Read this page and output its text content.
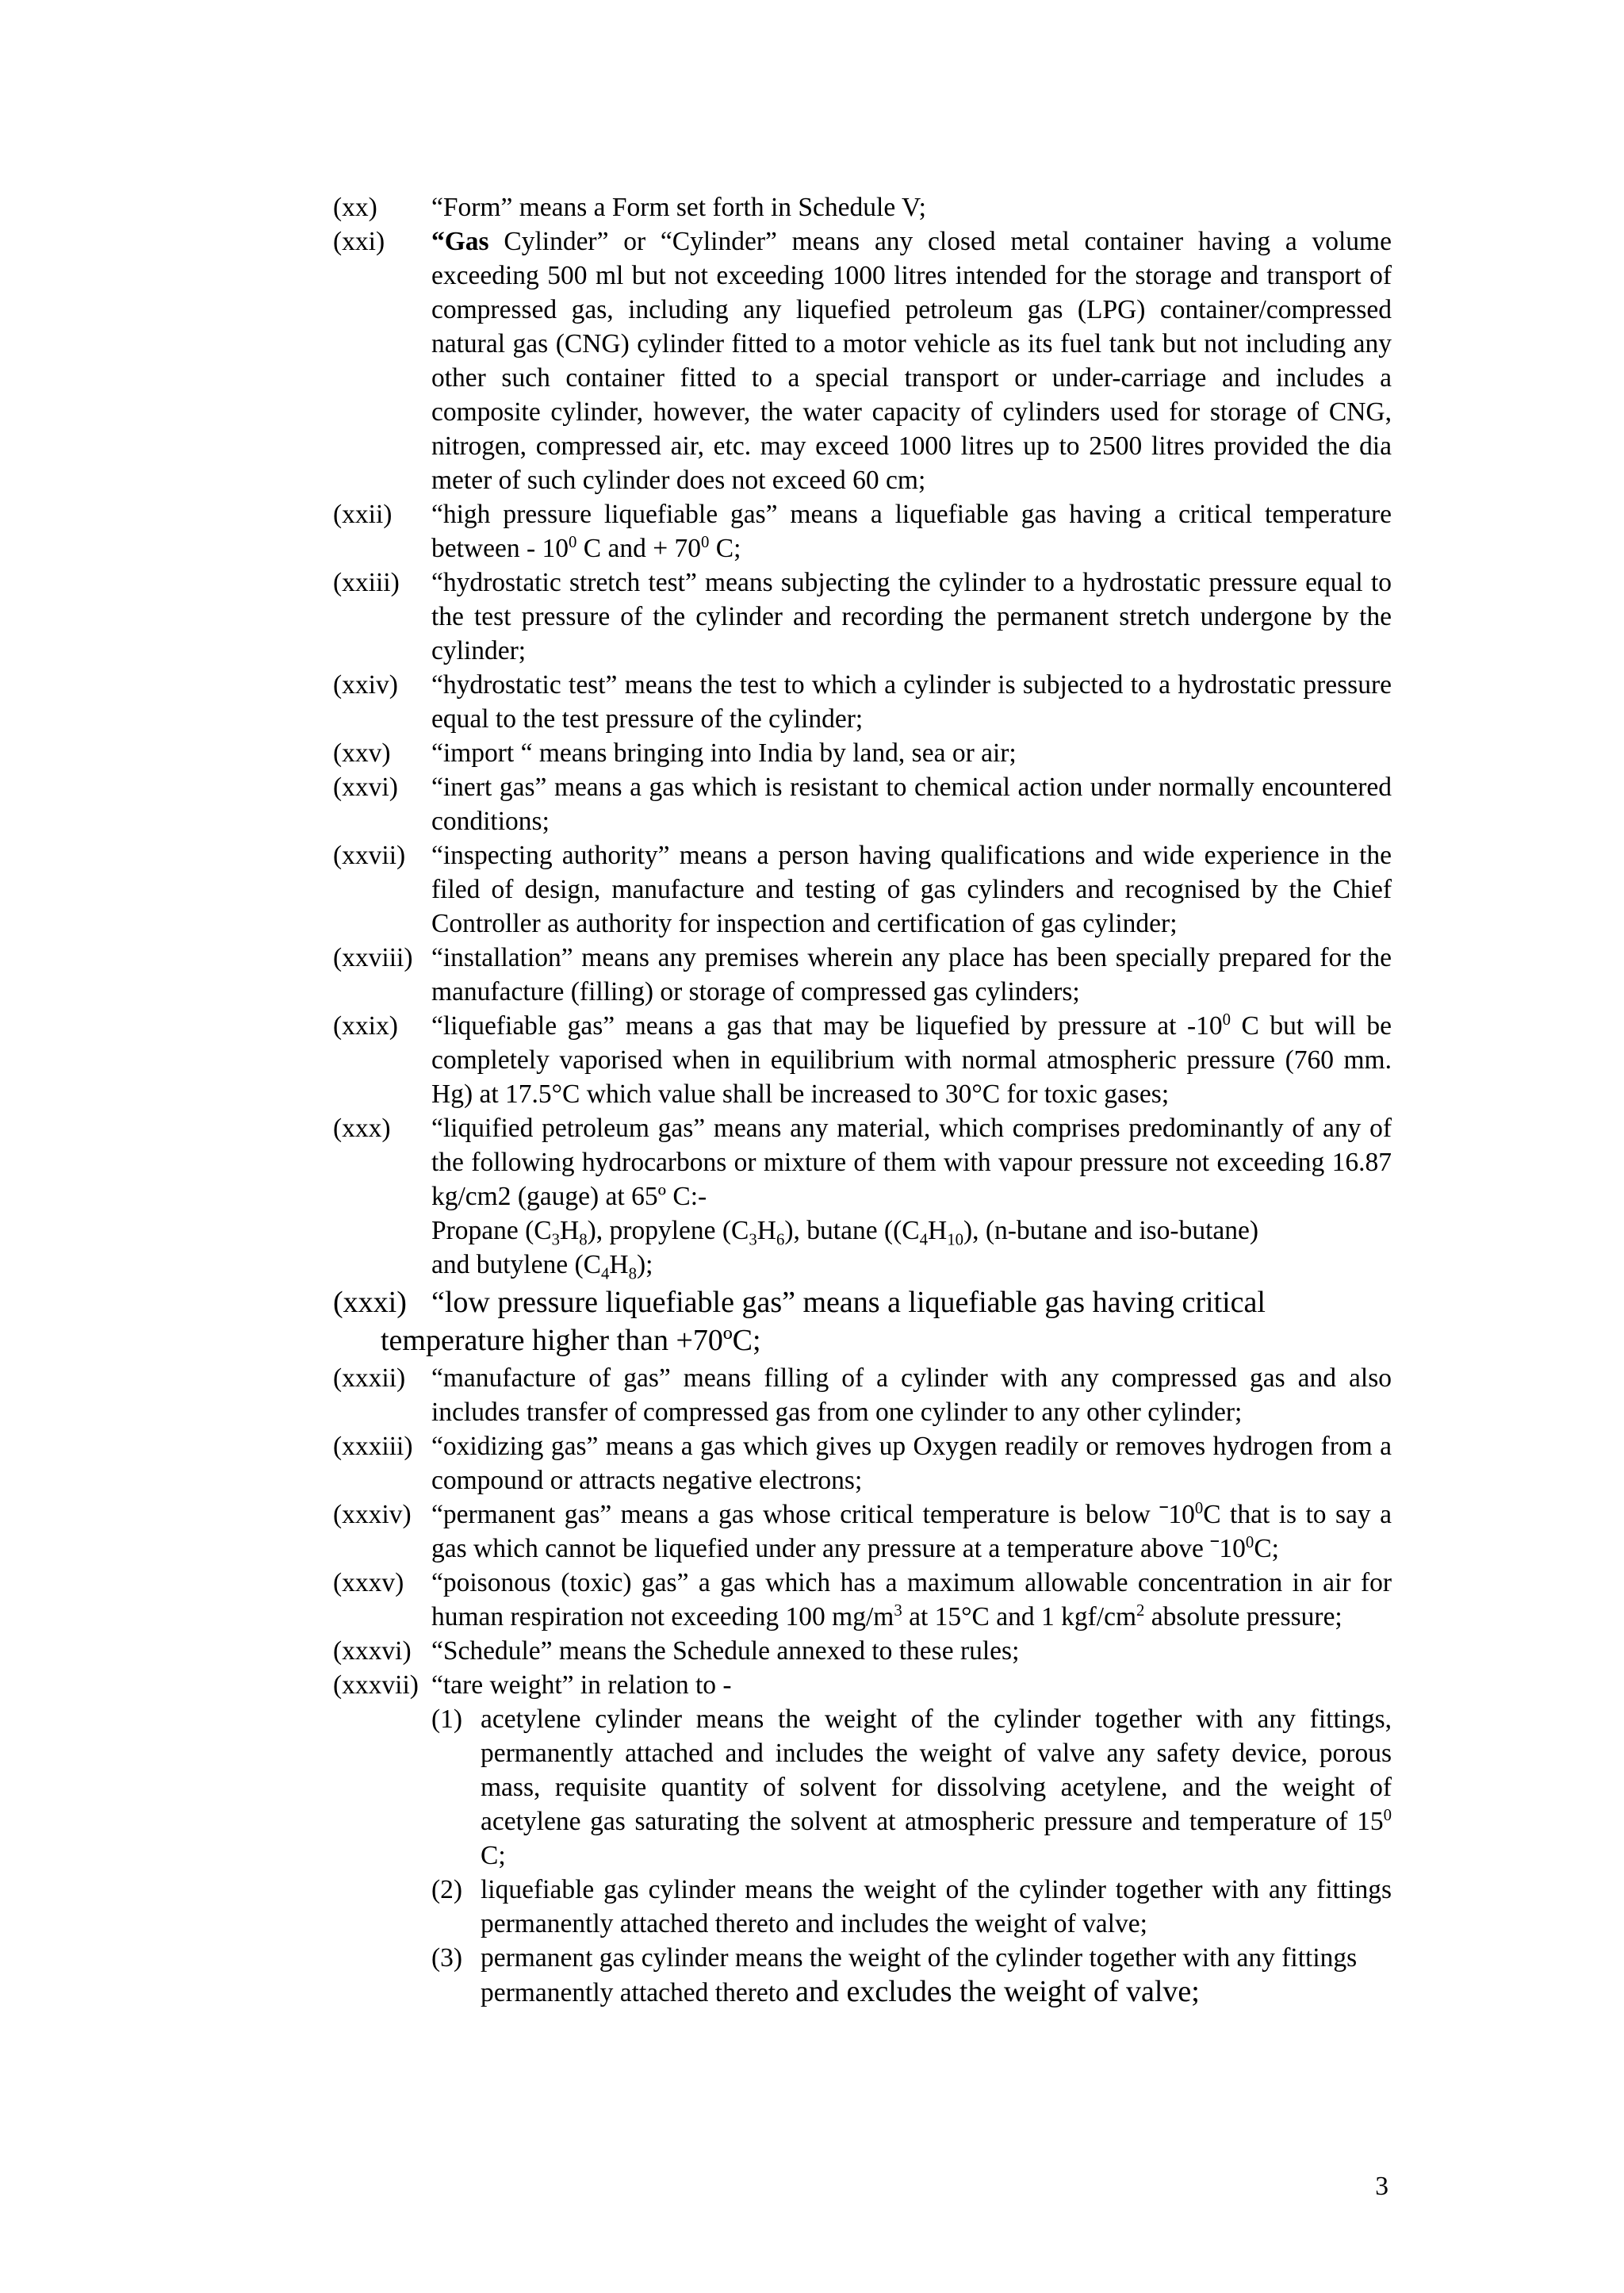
(xx)	“Form” means a Form set forth in Schedule V;
(xxi)	“Gas Cylinder” or “Cylinder” means any closed metal container having a volume exceeding 500 ml but not exceeding 1000 litres intended for the storage and transport of compressed gas, including any liquefied petroleum gas (LPG) container/compressed natural gas (CNG) cylinder fitted to a motor vehicle as its fuel tank but not including any other such container fitted to a special transport or under-carriage and includes a composite cylinder, however, the water capacity of cylinders used for storage of CNG, nitrogen, compressed air, etc. may exceed 1000 litres up to 2500 litres provided the dia meter of such cylinder does not exceed 60 cm;
(xxii)	“high pressure liquefiable gas” means a liquefiable gas having a critical temperature between - $10^0$ C and + $70^0$ C;
(xxiii)	“hydrostatic stretch test” means subjecting the cylinder to a hydrostatic pressure equal to the test pressure of the cylinder and recording the permanent stretch undergone by the cylinder;
(xxiv)	“hydrostatic test” means the test to which a cylinder is subjected to a hydrostatic pressure equal to the test pressure of the cylinder;
(xxv)	“import “ means bringing into India by land, sea or air;
(xxvi)	“inert gas” means a gas which is resistant to chemical action under normally encountered conditions;
(xxvii) “inspecting authority” means a person having qualifications and wide experience in the filed of design, manufacture and testing of gas cylinders and recognised by the Chief Controller as authority for inspection and certification of gas cylinder;
(xxviii) “installation” means any premises wherein any place has been specially prepared for the manufacture (filling) or storage of compressed gas cylinders;
(xxix)	“liquefiable gas” means a gas that may be liquefied by pressure at $-10^0$ C but will be completely vaporised when in equilibrium with normal atmospheric pressure (760 mm. Hg) at 17.5°C which value shall be increased to 30°C for toxic gases;
(xxx)	“liquified petroleum gas” means any material, which comprises predominantly of any of the following hydrocarbons or mixture of them with vapour pressure not exceeding 16.87 kg/cm2 (gauge) at 65º C:-
Propane $(C_3H_8)$, propylene $(C_3H_6)$, butane ($(C_4H_{10})$, (n-butane and iso-butane)
and butylene $(C_4H_8)$;
(xxxi) “low pressure liquefiable gas” means a liquefiable gas having critical
temperature higher than +70ºC;
(xxxii) “manufacture of gas” means filling of a cylinder with any compressed gas and also includes transfer of compressed gas from one cylinder to any other cylinder;
(xxxiii) “oxidizing gas” means a gas which gives up Oxygen readily or removes hydrogen from a compound or attracts negative electrons;
(xxxiv) “permanent gas” means a gas whose critical temperature is below $ˉ10^0C$ that is to say a gas which cannot be liquefied under any pressure at a temperature above $ˉ10^0C$;
(xxxv)	“poisonous (toxic) gas” a gas which has a maximum allowable concentration in air for human respiration not exceeding 100 $mg/m^3$ at 15°C and 1 kgf/$cm^2$ absolute pressure;
(xxxvi) “Schedule” means the Schedule annexed to these rules;
(xxxvii) “tare weight” in relation to -
(1) acetylene cylinder means the weight of the cylinder together with any fittings, permanently attached and includes the weight of valve any safety device, porous mass, requisite quantity of solvent for dissolving acetylene, and the weight of acetylene gas saturating the solvent at atmospheric pressure and temperature of $15^0$ C;
(2) liquefiable gas cylinder means the weight of the cylinder together with any fittings permanently attached thereto and includes the weight of valve;
(3) permanent gas cylinder means the weight of the cylinder together with any fittings permanently attached thereto and excludes the weight of valve;
3
